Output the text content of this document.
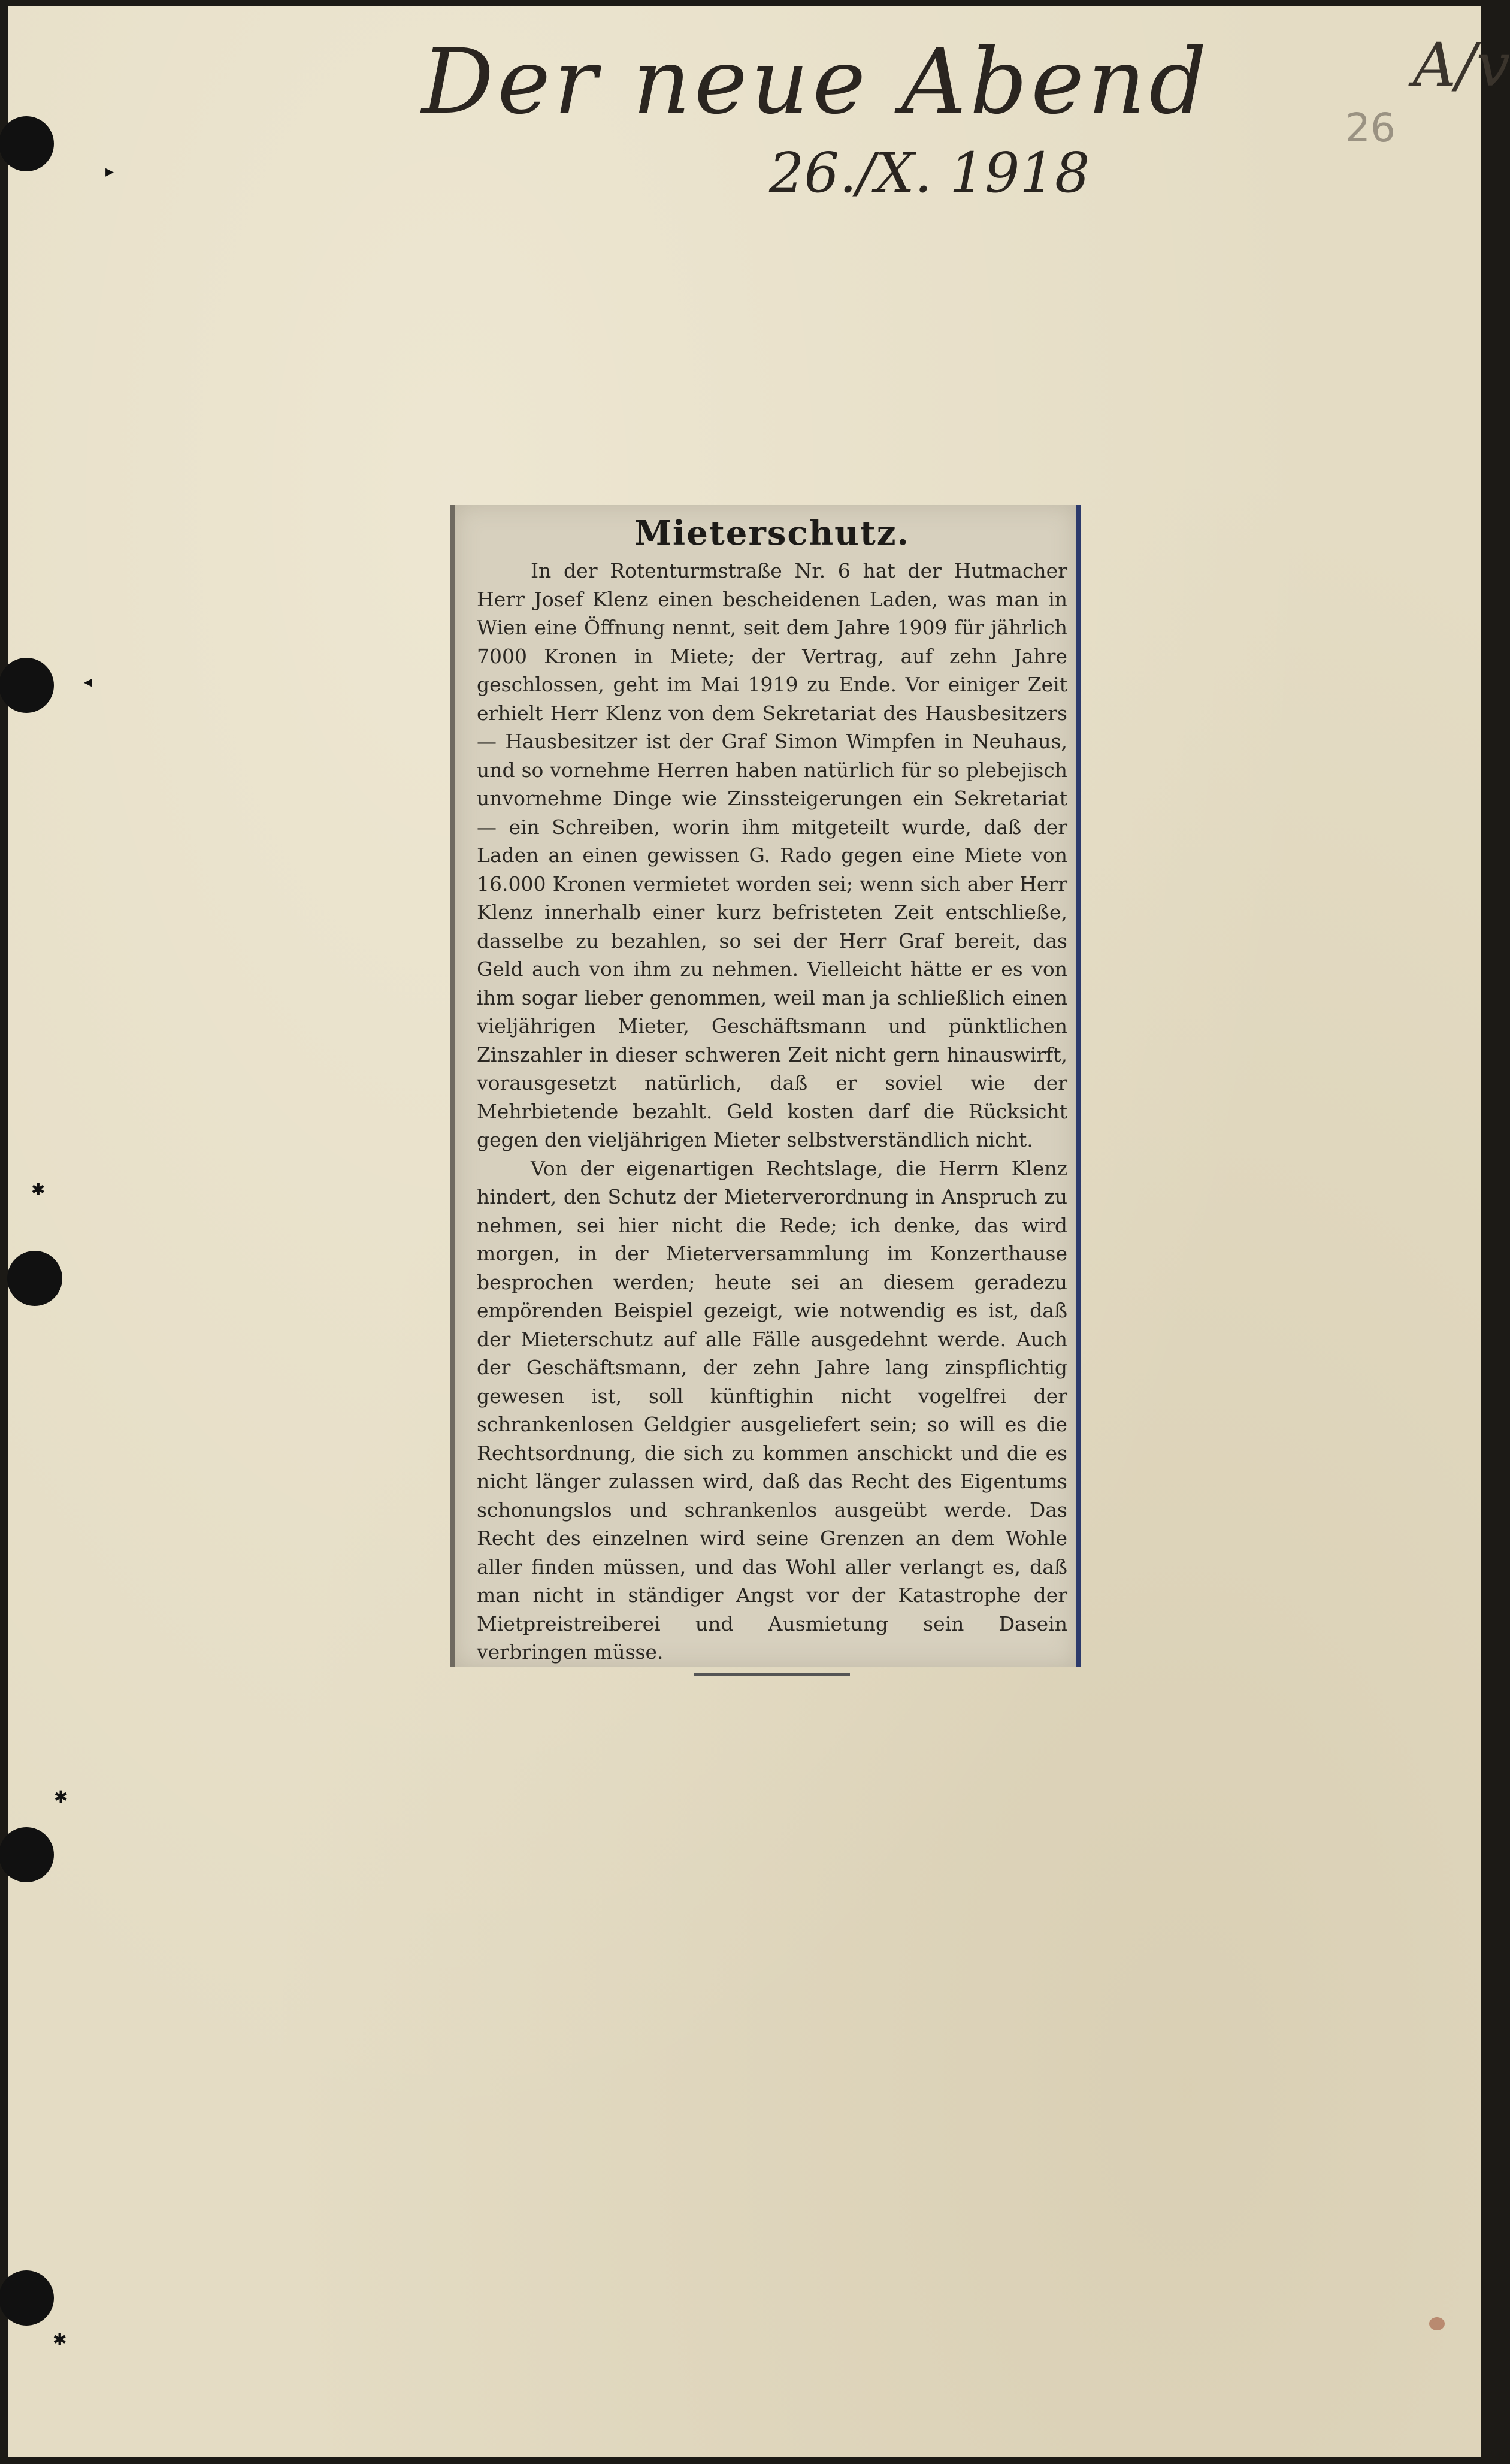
▸
◂
✱
✱
✱
Der neue Abend
26./X. 1918
A/v
26
Mieterschutz.

In der Rotenturmstraße Nr. 6 hat der Hutmacher Herr Josef Klenz einen bescheidenen Laden, was man in Wien eine Öffnung nennt, seit dem Jahre 1909 für jährlich 7000 Kronen in Miete; der Vertrag, auf zehn Jahre geschlossen, geht im Mai 1919 zu Ende. Vor einiger Zeit erhielt Herr Klenz von dem Sekretariat des Hausbesitzers — Hausbesitzer ist der Graf Simon Wimpfen in Neuhaus, und so vornehme Herren haben natürlich für so plebejisch unvornehme Dinge wie Zinssteigerungen ein Sekretariat — ein Schreiben, worin ihm mitgeteilt wurde, daß der Laden an einen gewissen G. Rado gegen eine Miete von 16.000 Kronen vermietet worden sei; wenn sich aber Herr Klenz innerhalb einer kurz befristeten Zeit entschließe, dasselbe zu bezahlen, so sei der Herr Graf bereit, das Geld auch von ihm zu nehmen. Vielleicht hätte er es von ihm sogar lieber genommen, weil man ja schließlich einen vieljährigen Mieter, Geschäftsmann und pünktlichen Zinszahler in dieser schweren Zeit nicht gern hinauswirft, vorausgesetzt natürlich, daß er soviel wie der Mehrbietende bezahlt. Geld kosten darf die Rücksicht gegen den vieljährigen Mieter selbstverständlich nicht.

Von der eigenartigen Rechtslage, die Herrn Klenz hindert, den Schutz der Mieterverordnung in Anspruch zu nehmen, sei hier nicht die Rede; ich denke, das wird morgen, in der Mieterversammlung im Konzerthause besprochen werden; heute sei an diesem geradezu empörenden Beispiel gezeigt, wie notwendig es ist, daß der Mieterschutz auf alle Fälle ausgedehnt werde. Auch der Geschäftsmann, der zehn Jahre lang zinspflichtig gewesen ist, soll künftighin nicht vogelfrei der schrankenlosen Geldgier ausgeliefert sein; so will es die Rechtsordnung, die sich zu kommen anschickt und die es nicht länger zulassen wird, daß das Recht des Eigentums schonungslos und schrankenlos ausgeübt werde. Das Recht des einzelnen wird seine Grenzen an dem Wohle aller finden müssen, und das Wohl aller verlangt es, daß man nicht in ständiger Angst vor der Katastrophe der Mietpreistreiberei und Ausmietung sein Dasein verbringen müsse.
